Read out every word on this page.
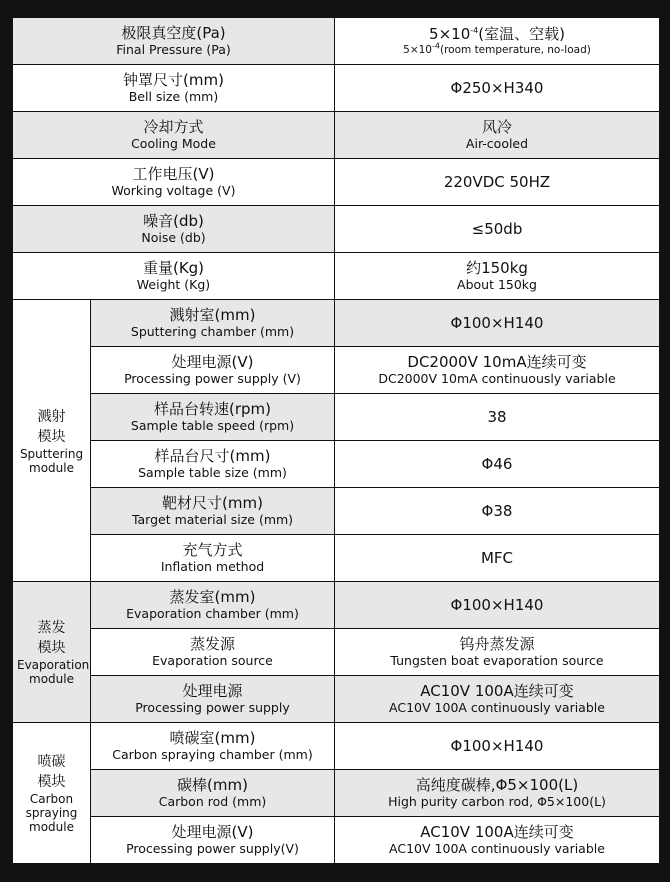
极限真空度(Pa)
Final Pressure (Pa)		$5\times 10^{-4}$(室温、空载)
$5\times 10^{-4}(room$ temperature, no-load)

钟罩尺寸(mm)
Bell size (mm)		Φ250×H340

冷却方式
Cooling Mode		风冷
Air-cooled

工作电压(V)
Working voltage (V)		220VDC 50HZ

噪音(db)
Noise (db)		≤50db

重量(Kg)
Weight (Kg)		约150kg
About 150kg

溅射
模块
Sputtering module	溅射室(mm)
Sputtering chamber (mm)	Φ100×H140

	处理电源(V)
Processing power supply (V)	DC2000V 10mA连续可变
DC2000V 10mA continuously variable

	样品台转速(rpm)
Sample table speed (rpm)	38

	样品台尺寸(mm)
Sample table size (mm)	Φ46

	靶材尺寸(mm)
Target material size (mm)	Φ38

	充气方式
Inflation method	MFC

蒸发
模块
Evaporation module	蒸发室(mm)
Evaporation chamber (mm)	Φ100×H140

	蒸发源
Evaporation source	钨舟蒸发源
Tungsten boat evaporation source

	处理电源
Processing power supply	AC10V 100A连续可变
AC10V 100A continuously variable

喷碳
模块
Carbon spraying module	喷碳室(mm)
Carbon spraying chamber (mm)	Φ100×H140

	碳棒(mm)
Carbon rod (mm)	高纯度碳棒,Φ5×100(L)
High purity carbon rod, Φ5×100(L)

	处理电源(V)
Processing power supply(V)	AC10V 100A连续可变
AC10V 100A continuously variable
